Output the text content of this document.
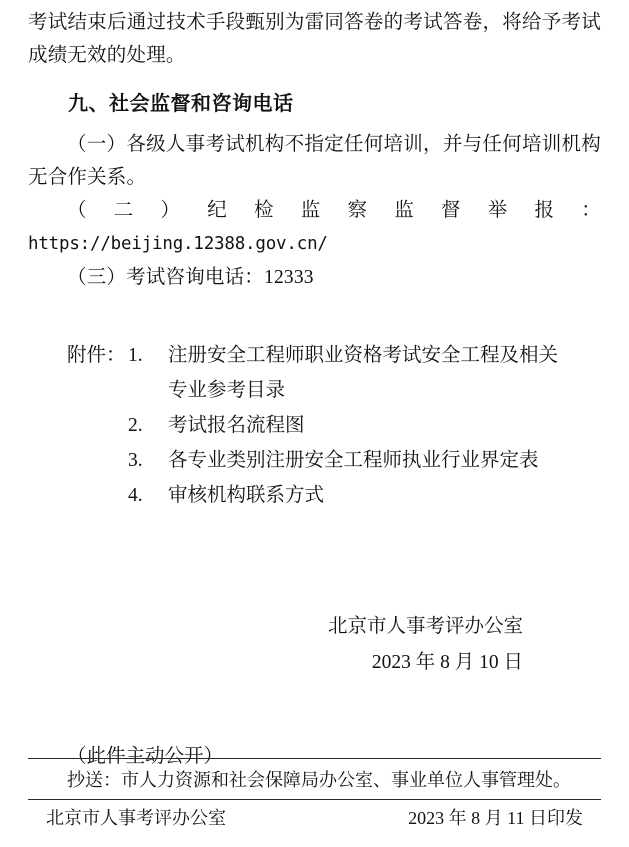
考试结束后通过技术手段甄别为雷同答卷的考试答卷，将给予考试成绩无效的处理。

九、社会监督和咨询电话

（一）各级人事考试机构不指定任何培训，并与任何培训机构无合作关系。

（二）纪检监察监督举报：https://beijing.12388.gov.cn/

（三）考试咨询电话：12333

附件： 1.	注册安全工程师职业资格考试安全工程及相关
专业参考目录
2.	考试报名流程图
3.	各专业类别注册安全工程师执业行业界定表
4.	审核机构联系方式
北京市人事考评办公室
2023 年 8 月 10 日
（此件主动公开）
抄送：市人力资源和社会保障局办公室、事业单位人事管理处。
北京市人事考评办公室	2023 年 8 月 11 日印发
